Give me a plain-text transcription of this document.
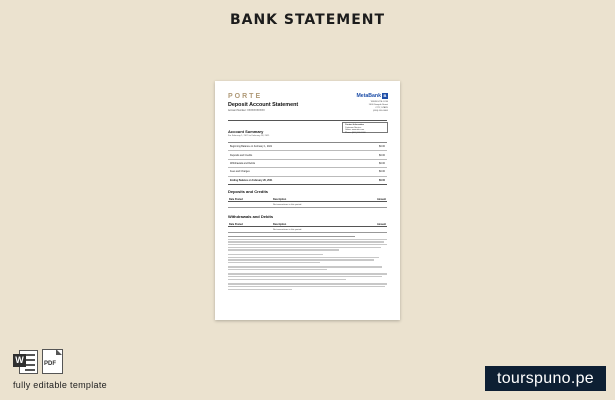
BANK STATEMENT
PORTE
Deposit Account Statement
Account Number: XXXXXXXXXXX
MetaBank B
WWW.SITE.COM
1000 Sample Street
CITY, STATE
(000) 000-0000
Contact Information
Customer Service:
Online: www.site.com
Phone: (000) 000-0000
Account Summary
For February 1, 2021 to February 28, 2021
Beginning Balance on February 1, 2021	$0.00
Deposits and Credits	$0.00
Withdrawals and Debits	$0.00
Fees and Charges	$0.00
Ending Balance on February 28, 2021	$0.00
Deposits and Credits
Date Posted	Description	Amount
No transactions in this period.
Withdrawals and Debits
Date Posted	Description	Amount
No transactions in this period.
W	PDF
fully editable template	tourspuno.pe
